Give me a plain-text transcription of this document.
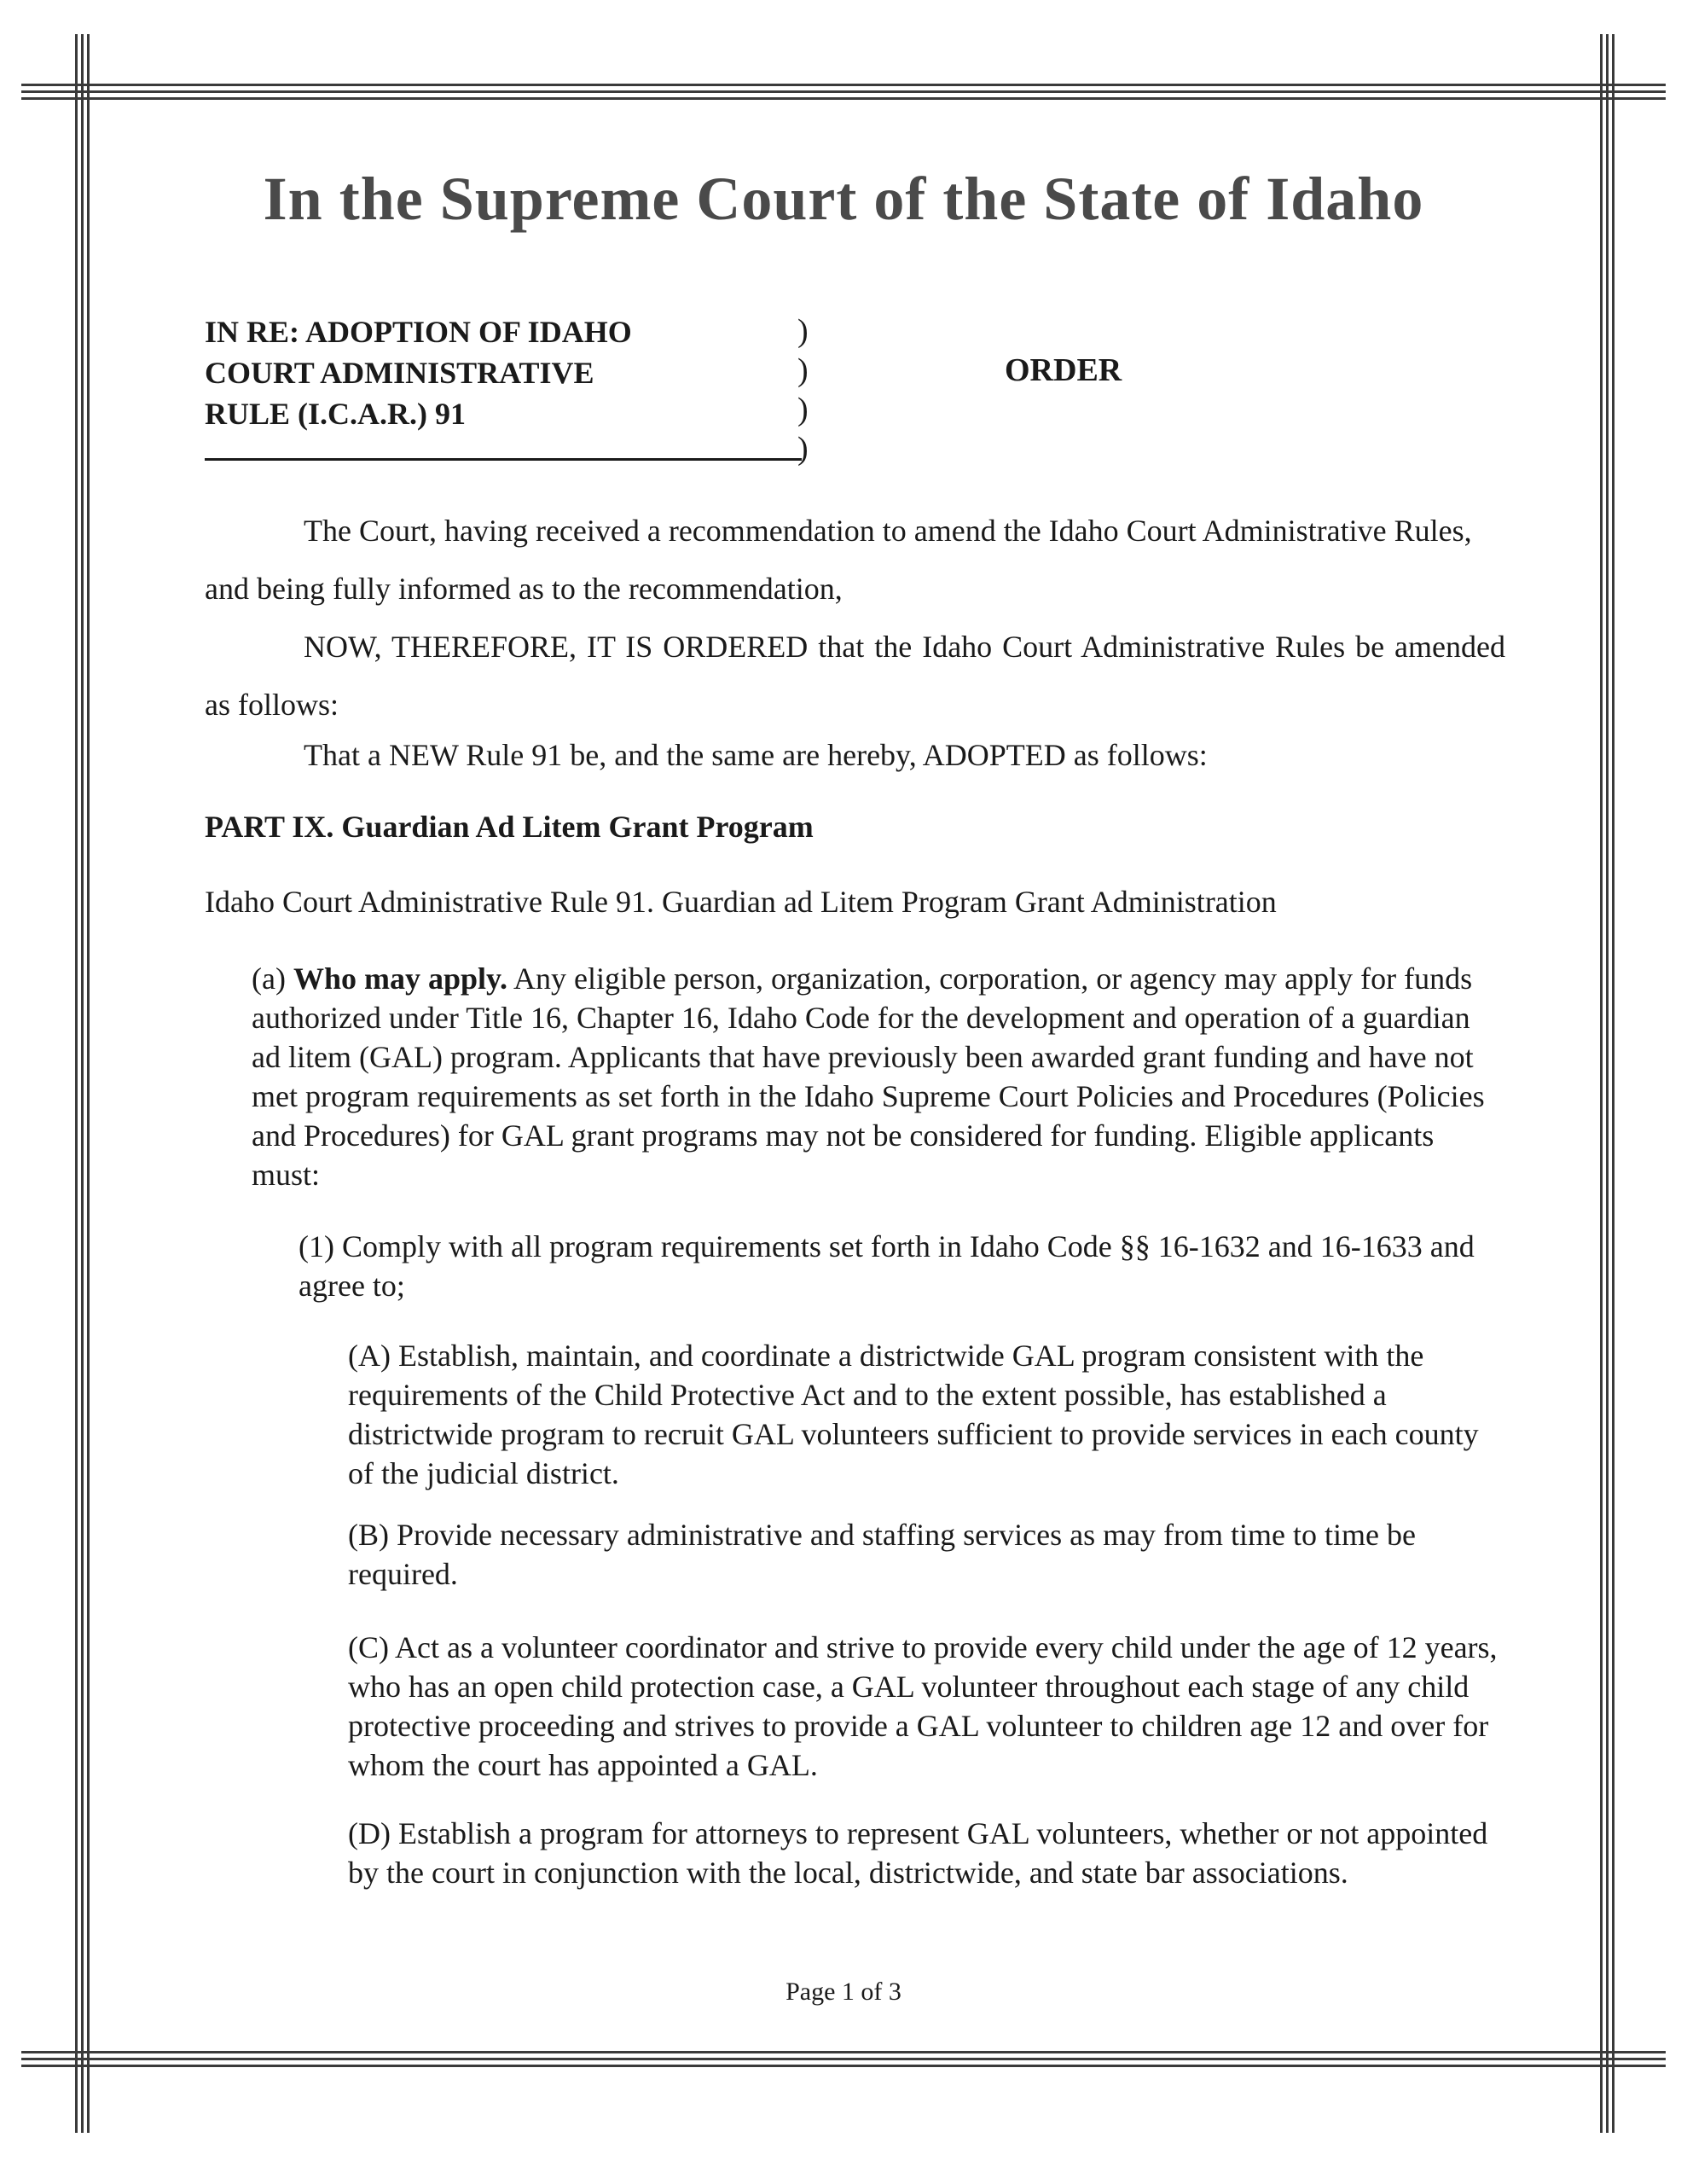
In the Supreme Court of the State of Idaho
IN RE: ADOPTION OF IDAHO
COURT ADMINISTRATIVE
RULE (I.C.A.R.) 91
)
)
)
)
ORDER

The Court, having received a recommendation to amend the Idaho Court Administrative Rules, and being fully informed as to the recommendation,

NOW, THEREFORE, IT IS ORDERED that the Idaho Court Administrative Rules be amended as follows:

That a NEW Rule 91 be, and the same are hereby, ADOPTED as follows:

PART IX. Guardian Ad Litem Grant Program
Idaho Court Administrative Rule 91. Guardian ad Litem Program Grant Administration

(a) Who may apply. Any eligible person, organization, corporation, or agency may apply for funds authorized under Title 16, Chapter 16, Idaho Code for the development and operation of a guardian ad litem (GAL) program. Applicants that have previously been awarded grant funding and have not met program requirements as set forth in the Idaho Supreme Court Policies and Procedures (Policies and Procedures) for GAL grant programs may not be considered for funding. Eligible applicants must:

(1) Comply with all program requirements set forth in Idaho Code §§ 16-1632 and 16-1633 and agree to;

(A) Establish, maintain, and coordinate a districtwide GAL program consistent with the requirements of the Child Protective Act and to the extent possible, has established a districtwide program to recruit GAL volunteers sufficient to provide services in each county of the judicial district.

(B) Provide necessary administrative and staffing services as may from time to time be required.

(C) Act as a volunteer coordinator and strive to provide every child under the age of 12 years, who has an open child protection case, a GAL volunteer throughout each stage of any child protective proceeding and strives to provide a GAL volunteer to children age 12 and over for whom the court has appointed a GAL.

(D) Establish a program for attorneys to represent GAL volunteers, whether or not appointed by the court in conjunction with the local, districtwide, and state bar associations.

Page 1 of 3
